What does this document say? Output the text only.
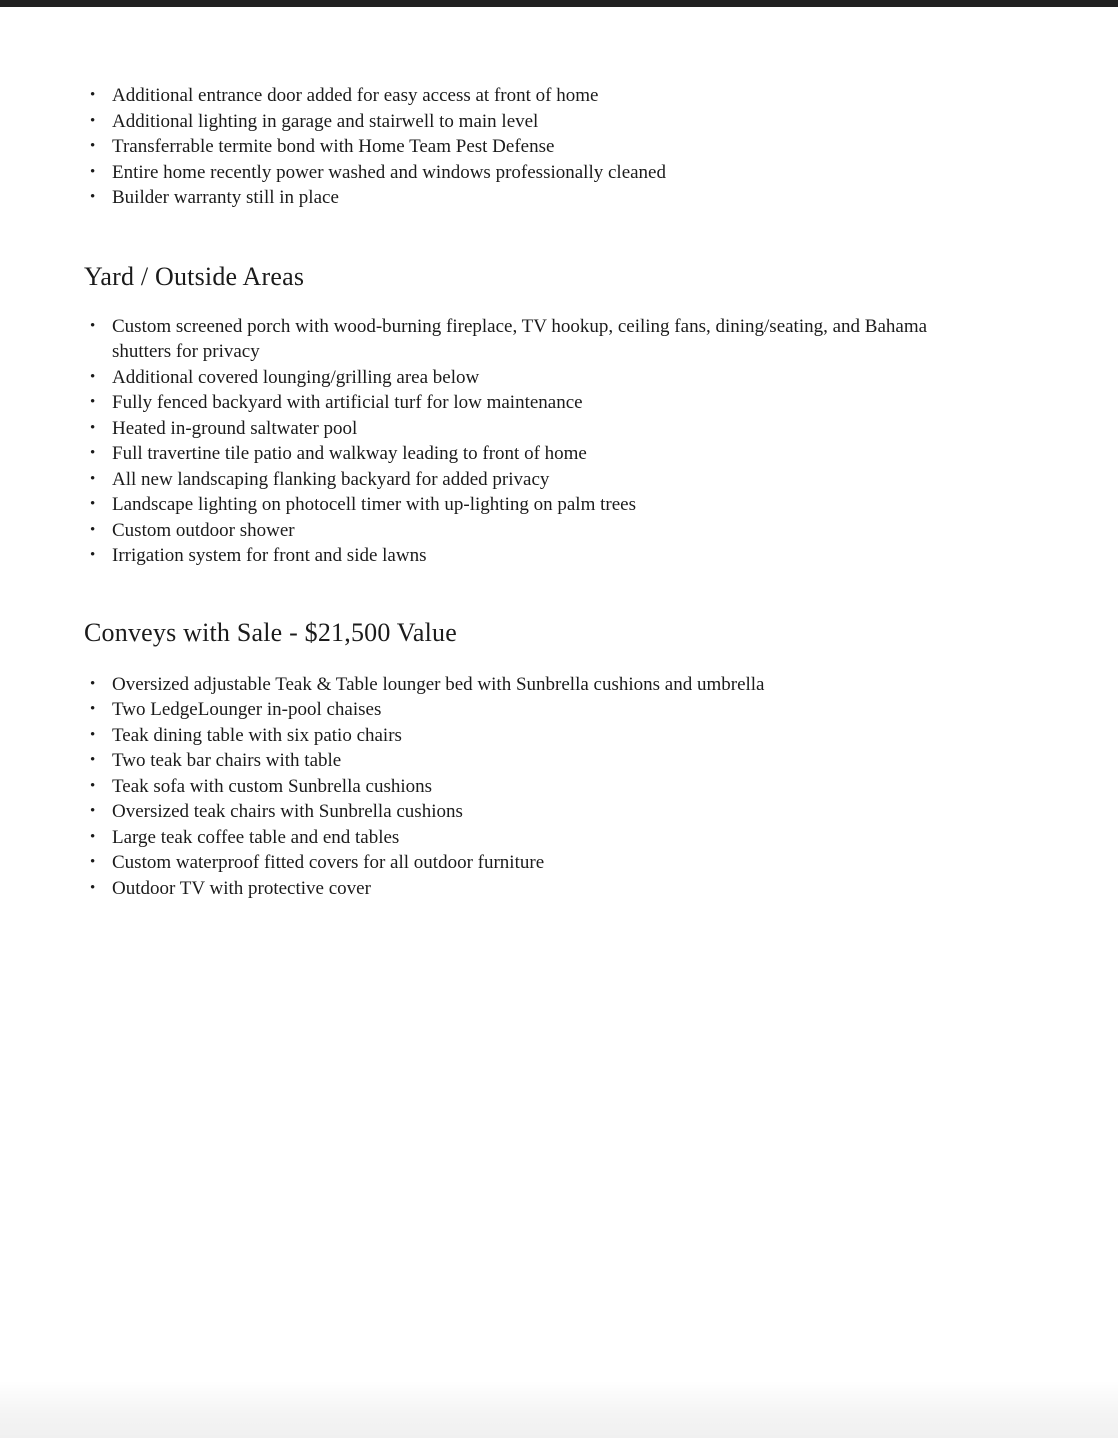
• Additional entrance door added for easy access at front of home
• Additional lighting in garage and stairwell to main level
• Transferrable termite bond with Home Team Pest Defense
• Entire home recently power washed and windows professionally cleaned
• Builder warranty still in place
Yard / Outside Areas
• Custom screened porch with wood-burning fireplace, TV hookup, ceiling fans, dining/seating, and Bahama shutters for privacy
• Additional covered lounging/grilling area below
• Fully fenced backyard with artificial turf for low maintenance
• Heated in-ground saltwater pool
• Full travertine tile patio and walkway leading to front of home
• All new landscaping flanking backyard for added privacy
• Landscape lighting on photocell timer with up-lighting on palm trees
• Custom outdoor shower
• Irrigation system for front and side lawns
Conveys with Sale - $21,500 Value
• Oversized adjustable Teak & Table lounger bed with Sunbrella cushions and umbrella
• Two LedgeLounger in-pool chaises
• Teak dining table with six patio chairs
• Two teak bar chairs with table
• Teak sofa with custom Sunbrella cushions
• Oversized teak chairs with Sunbrella cushions
• Large teak coffee table and end tables
• Custom waterproof fitted covers for all outdoor furniture
• Outdoor TV with protective cover
